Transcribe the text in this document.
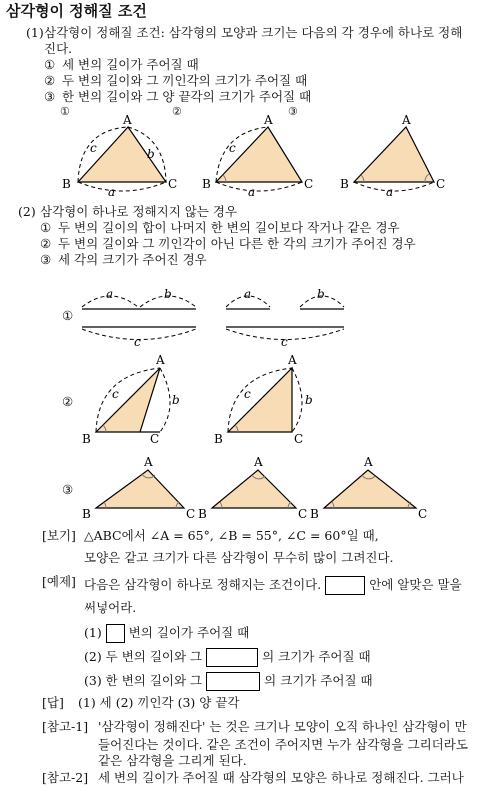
삼각형이 정해질 조건
(1) 삼각형이 정해질 조건: 삼각형의 모양과 크기는 다음의 각 경우에 하나로 정해
진다.
① 세 변의 길이가 주어질 때
② 두 변의 길이와 그 끼인각의 크기가 주어질 때
③ 한 변의 길이와 그 양 끝각의 크기가 주어질 때
①	②	③
(2) 삼각형이 하나로 정해지지 않는 경우
① 두 변의 길이의 합이 나머지 한 변의 길이보다 작거나 같은 경우
② 두 변의 길이와 그 끼인각이 아닌 다른 한 각의 크기가 주어진 경우
③ 세 각의 크기가 주어진 경우
①
②
③
A
B	C
c	b
a
A
B	C
c
a
A
B	C
a
a	b
c
a	b
c
A
B	C
c	b
A
B	C
c	b
A
B	C
A
B	C
A
B	C
[보기] △ABC에서 ∠A = 65°, ∠B = 55°, ∠C = 60°일 때,
모양은 같고 크기가 다른 삼각형이 무수히 많이 그려진다.
[예제] 다음은 삼각형이 하나로 정해지는 조건이다.	안에 알맞은 말을
써넣어라.
(1) 변의 길이가 주어질 때
(2) 두 변의 길이와 그	의 크기가 주어질 때
(3) 한 변의 길이와 그	의 크기가 주어질 때
[답] (1) 세 (2) 끼인각 (3) 양 끝각
[참고-1] '삼각형이 정해진다' 는 것은 크기나 모양이 오직 하나인 삼각형이 만
들어진다는 것이다. 같은 조건이 주어지면 누가 삼각형을 그리더라도
같은 삼각형을 그리게 된다.
[참고-2] 세 변의 길이가 주어질 때 삼각형의 모양은 하나로 정해진다. 그러나
